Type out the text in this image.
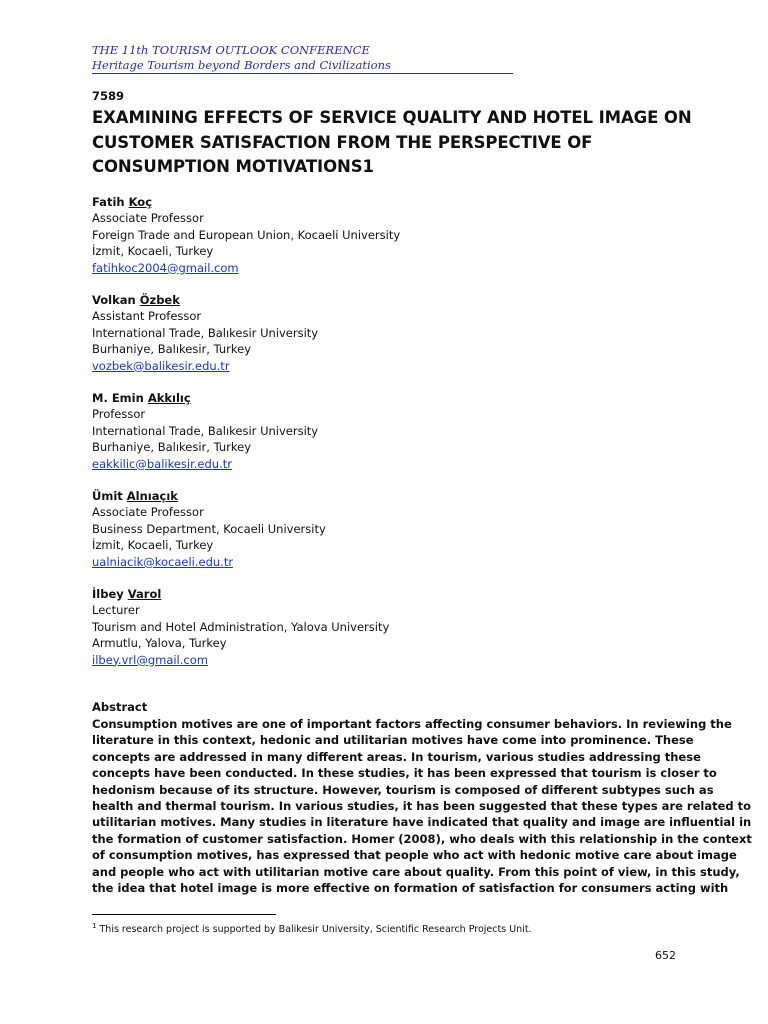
THE 11th TOURISM OUTLOOK CONFERENCE
Heritage Tourism beyond Borders and Civilizations
7589
EXAMINING EFFECTS OF SERVICE QUALITY AND HOTEL IMAGE ON CUSTOMER SATISFACTION FROM THE PERSPECTIVE OF CONSUMPTION MOTIVATIONS1
Fatih Koç
Associate Professor
Foreign Trade and European Union, Kocaeli University
İzmit, Kocaeli, Turkey
fatihkoc2004@gmail.com
Volkan Özbek
Assistant Professor
International Trade, Balıkesir University
Burhaniye, Balıkesir, Turkey
vozbek@balikesir.edu.tr
M. Emin Akkılıç
Professor
International Trade, Balıkesir University
Burhaniye, Balıkesir, Turkey
eakkilic@balikesir.edu.tr
Ümit Alnıaçık
Associate Professor
Business Department, Kocaeli University
İzmit, Kocaeli, Turkey
ualniacik@kocaeli.edu.tr
İlbey Varol
Lecturer
Tourism and Hotel Administration, Yalova University
Armutlu, Yalova, Turkey
ilbey.vrl@gmail.com
Abstract

Consumption motives are one of important factors affecting consumer behaviors. In reviewing the
literature in this context, hedonic and utilitarian motives have come into prominence. These
concepts are addressed in many different areas. In tourism, various studies addressing these
concepts have been conducted. In these studies, it has been expressed that tourism is closer to
hedonism because of its structure. However, tourism is composed of different subtypes such as
health and thermal tourism. In various studies, it has been suggested that these types are related to
utilitarian motives. Many studies in literature have indicated that quality and image are influential in
the formation of customer satisfaction. Homer (2008), who deals with this relationship in the context
of consumption motives, has expressed that people who act with hedonic motive care about image
and people who act with utilitarian motive care about quality. From this point of view, in this study,
the idea that hotel image is more effective on formation of satisfaction for consumers acting with

$^1$ This research project is supported by Balikesir University, Scientific Research Projects Unit.
652
